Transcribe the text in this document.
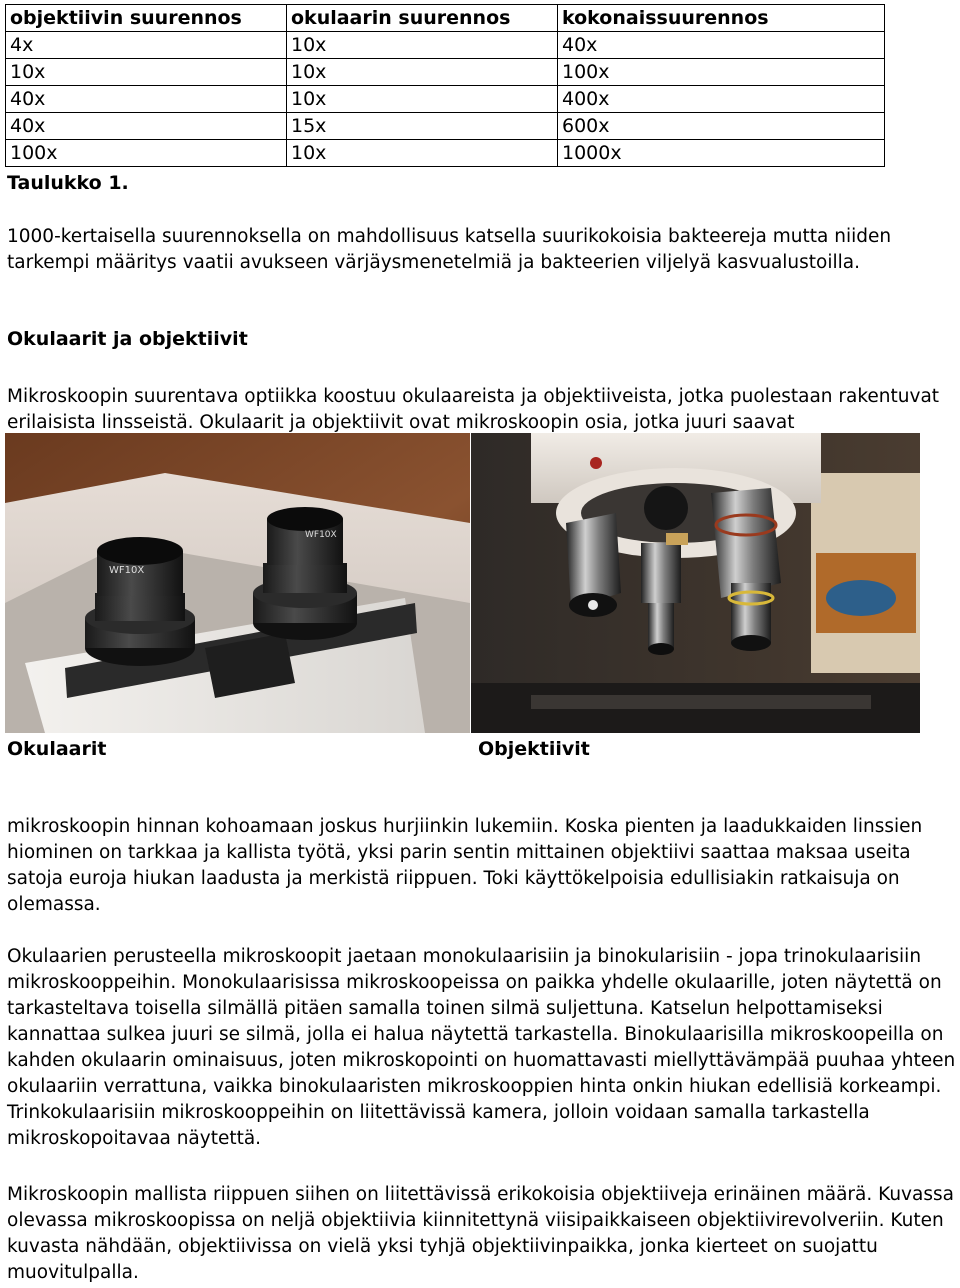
objektiivin suurennos	okulaarin suurennos	kokonaissuurennos
4x	10x	40x
10x	10x	100x
40x	10x	400x
40x	15x	600x
100x	10x	1000x

Taulukko 1.

1000-kertaisella suurennoksella on mahdollisuus katsella suurikokoisia bakteereja mutta niiden tarkempi määritys vaatii avukseen värjäysmenetelmiä ja bakteerien viljelyä kasvualustoilla.

Okulaarit ja objektiivit

Mikroskoopin suurentava optiikka koostuu okulaareista ja objektiiveista, jotka puolestaan rakentuvat erilaisista linsseistä. Okulaarit ja objektiivit ovat mikroskoopin osia, jotka juuri saavat

WF10X
WF10X

Okulaarit	Objektiivit

mikroskoopin hinnan kohoamaan joskus hurjiinkin lukemiin. Koska pienten ja laadukkaiden linssien hiominen on tarkkaa ja kallista työtä, yksi parin sentin mittainen objektiivi saattaa maksaa useita satoja euroja hiukan laadusta ja merkistä riippuen. Toki käyttökelpoisia edullisiakin ratkaisuja on olemassa.

Okulaarien perusteella mikroskoopit jaetaan monokulaarisiin ja binokularisiin - jopa trinokulaarisiin mikroskooppeihin. Monokulaarisissa mikroskoopeissa on paikka yhdelle okulaarille, joten näytettä on tarkasteltava toisella silmällä pitäen samalla toinen silmä suljettuna. Katselun helpottamiseksi kannattaa sulkea juuri se silmä, jolla ei halua näytettä tarkastella. Binokulaarisilla mikroskoopeilla on kahden okulaarin ominaisuus, joten mikroskopointi on huomattavasti miellyttävämpää puuhaa yhteen okulaariin verrattuna, vaikka binokulaaristen mikroskooppien hinta onkin hiukan edellisiä korkeampi. Trinkokulaarisiin mikroskooppeihin on liitettävissä kamera, jolloin voidaan samalla tarkastella mikroskopoitavaa näytettä.

Mikroskoopin mallista riippuen siihen on liitettävissä erikokoisia objektiiveja erinäinen määrä. Kuvassa olevassa mikroskoopissa on neljä objektiivia kiinnitettynä viisipaikkaiseen objektiivirevolveriin. Kuten kuvasta nähdään, objektiivissa on vielä yksi tyhjä objektiivinpaikka, jonka kierteet on suojattu muovitulpalla.
